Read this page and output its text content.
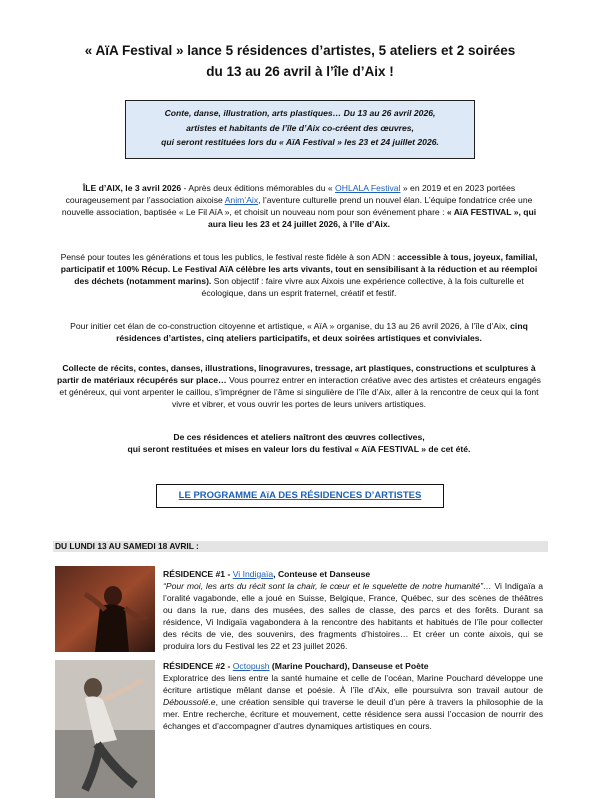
« AïA Festival » lance 5 résidences d’artistes, 5 ateliers et 2 soirées
du 13 au 26 avril à l’île d’Aix !
Conte, danse, illustration, arts plastiques… Du 13 au 26 avril 2026,
artistes et habitants de l’île d’Aix co-créent des œuvres,
qui seront restituées lors du « AïA Festival » les 23 et 24 juillet 2026.
ÎLE d’AIX, le 3 avril 2026 - Après deux éditions mémorables du « OHLALA Festival » en 2019 et en 2023 portées courageusement par l’association aixoise Anim’Aix, l’aventure culturelle prend un nouvel élan. L’équipe fondatrice crée une nouvelle association, baptisée « Le Fil AïA », et choisit un nouveau nom pour son événement phare : « AïA FESTIVAL », qui aura lieu les 23 et 24 juillet 2026, à l’île d’Aix.
Pensé pour toutes les générations et tous les publics, le festival reste fidèle à son ADN : accessible à tous, joyeux, familial, participatif et 100% Récup. Le Festival AïA célèbre les arts vivants, tout en sensibilisant à la réduction et au réemploi des déchets (notamment marins). Son objectif : faire vivre aux Aixois une expérience collective, à la fois culturelle et écologique, dans un esprit fraternel, créatif et festif.
Pour initier cet élan de co-construction citoyenne et artistique, « AïA » organise, du 13 au 26 avril 2026, à l’île d’Aix, cinq résidences d’artistes, cinq ateliers participatifs, et deux soirées artistiques et conviviales.
Collecte de récits, contes, danses, illustrations, linogravures, tressage, art plastiques, constructions et sculptures à partir de matériaux récupérés sur place… Vous pourrez entrer en interaction créative avec des artistes et créateurs engagés et généreux, qui vont arpenter le caillou, s’imprégner de l’âme si singulière de l’île d’Aix, aller à la rencontre de ceux qui la font vivre et vibrer, et vous ouvrir les portes de leurs univers artistiques.
De ces résidences et ateliers naîtront des œuvres collectives,
qui seront restituées et mises en valeur lors du festival « AïA FESTIVAL » de cet été.
LE PROGRAMME AïA DES RÉSIDENCES D’ARTISTES
DU LUNDI 13 AU SAMEDI 18 AVRIL :
RÉSIDENCE #1 - Vi Indigaïa, Conteuse et Danseuse
“Pour moi, les arts du récit sont la chair, le cœur et le squelette de notre humanité”… Vi Indigaïa a l’oralité vagabonde, elle a joué en Suisse, Belgique, France, Québec, sur des scènes de théâtres ou dans la rue, dans des musées, des salles de classe, des parcs et des forêts. Durant sa résidence, Vi Indigaïa vagabondera à la rencontre des habitants et habitués de l’île pour collecter des récits de vie, des souvenirs, des fragments d’histoires… Et créer un conte aixois, qui se produira lors du Festival les 22 et 23 juillet 2026.
RÉSIDENCE #2 - Octopush (Marine Pouchard), Danseuse et Poète
Exploratrice des liens entre la santé humaine et celle de l’océan, Marine Pouchard développe une écriture artistique mêlant danse et poésie. À l’île d’Aix, elle poursuivra son travail autour de Déboussolé.e, une création sensible qui traverse le deuil d’un père à travers la philosophie de la mer. Entre recherche, écriture et mouvement, cette résidence sera aussi l’occasion de nourrir des échanges et d’accompagner d’autres dynamiques artistiques en cours.
